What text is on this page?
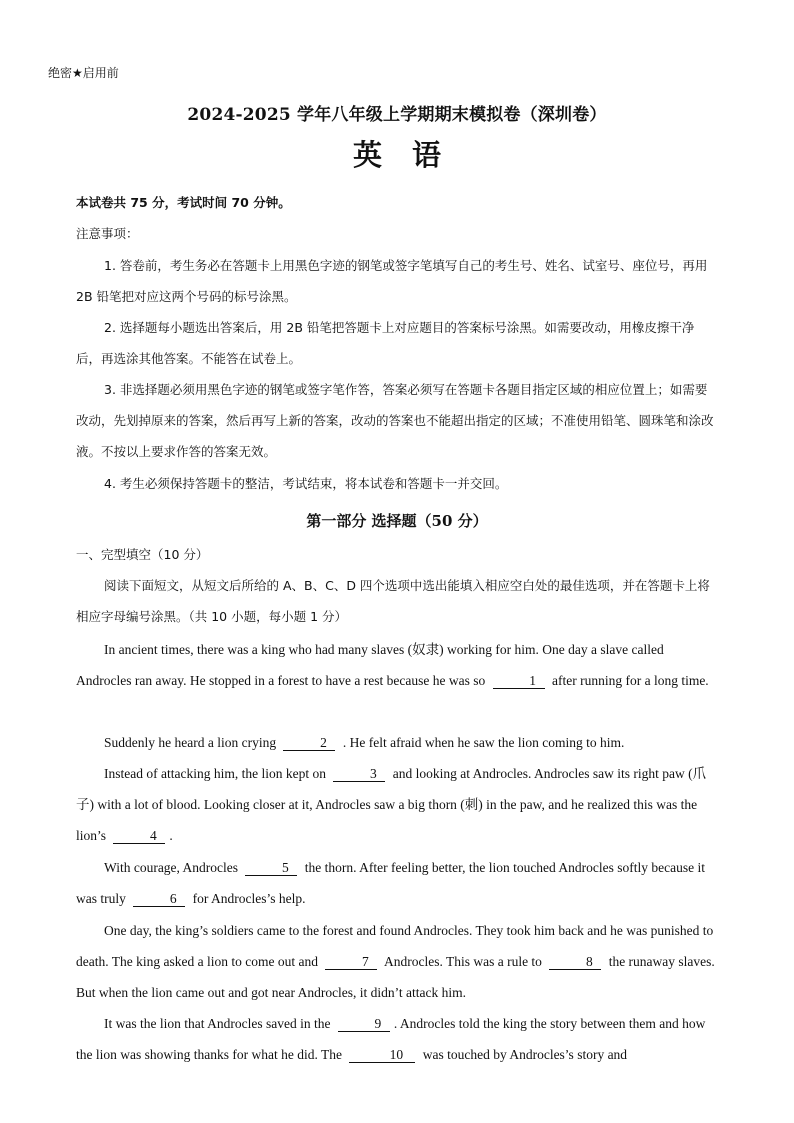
绝密★启用前
2024-2025 学年八年级上学期期末模拟卷（深圳卷）
英语
本试卷共 75 分，考试时间 70 分钟。
注意事项：
1. 答卷前，考生务必在答题卡上用黑色字迹的钢笔或签字笔填写自己的考生号、姓名、试室号、座位号，再用 2B 铅笔把对应这两个号码的标号涂黑。
2. 选择题每小题选出答案后，用 2B 铅笔把答题卡上对应题目的答案标号涂黑。如需要改动，用橡皮擦干净后，再选涂其他答案。不能答在试卷上。
3. 非选择题必须用黑色字迹的钢笔或签字笔作答，答案必须写在答题卡各题目指定区域的相应位置上；如需要改动，先划掉原来的答案，然后再写上新的答案，改动的答案也不能超出指定的区域；不准使用铅笔、圆珠笔和涂改液。不按以上要求作答的答案无效。
4. 考生必须保持答题卡的整洁，考试结束，将本试卷和答题卡一并交回。
第一部分 选择题（50 分）
一、完型填空（10 分）
阅读下面短文，从短文后所给的 A、B、C、D 四个选项中选出能填入相应空白处的最佳选项，并在答题卡上将相应字母编号涂黑。（共 10 小题，每小题 1 分）
In ancient times, there was a king who had many slaves (奴隶) working for him. One day a slave called Androcles ran away. He stopped in a forest to have a rest because he was so	1 after running for a long time.
Suddenly he heard a lion crying	2 . He felt afraid when he saw the lion coming to him.
Instead of attacking him, the lion kept on	3 and looking at Androcles. Androcles saw its right paw (爪子) with a lot of blood. Looking closer at it, Androcles saw a big thorn (刺) in the paw, and he realized this was the lion’s	4 .
With courage, Androcles	5 the thorn. After feeling better, the lion touched Androcles softly because it was truly	6 for Androcles’s help.
One day, the king’s soldiers came to the forest and found Androcles. They took him back and he was punished to death. The king asked a lion to come out and	7 Androcles. This was a rule to	8 the runaway slaves. But when the lion came out and got near Androcles, it didn’t attack him.
It was the lion that Androcles saved in the	9 . Androcles told the king the story between them and how the lion was showing thanks for what he did. The	10 was touched by Androcles’s story and
